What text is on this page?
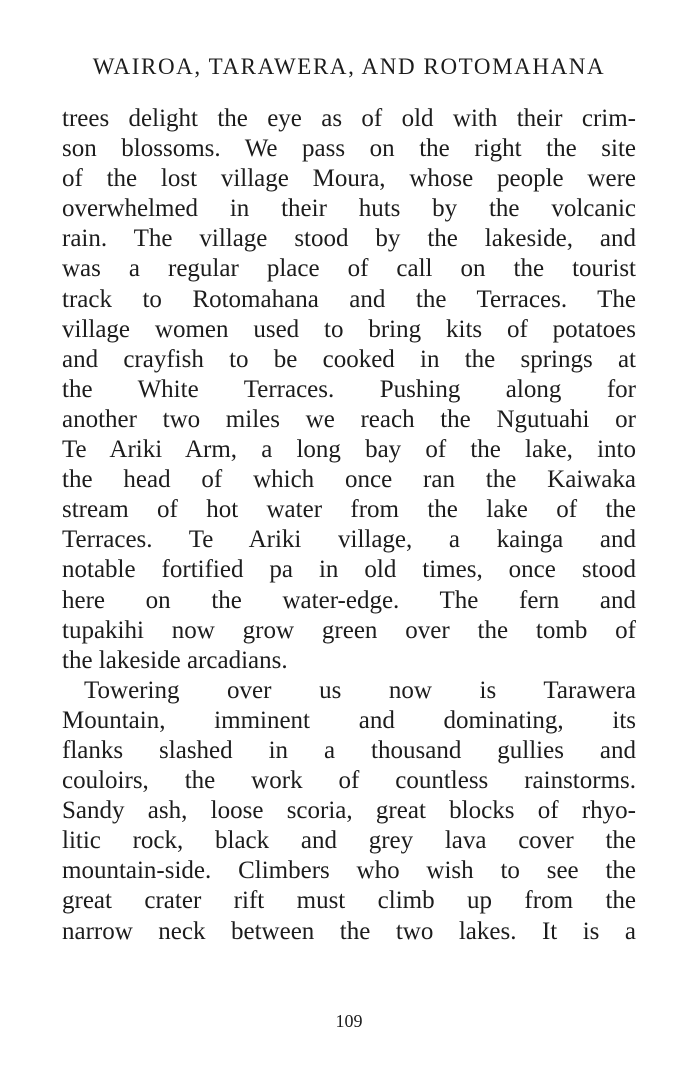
WAIROA, TARAWERA, AND ROTOMAHANA
trees delight the eye as of old with their crim-
son blossoms. We pass on the right the site
of the lost village Moura, whose people were
overwhelmed in their huts by the volcanic
rain. The village stood by the lakeside, and
was a regular place of call on the tourist
track to Rotomahana and the Terraces. The
village women used to bring kits of potatoes
and crayfish to be cooked in the springs at
the White Terraces. Pushing along for
another two miles we reach the Ngutuahi or
Te Ariki Arm, a long bay of the lake, into
the head of which once ran the Kaiwaka
stream of hot water from the lake of the
Terraces. Te Ariki village, a kainga and
notable fortified pa in old times, once stood
here on the water-edge. The fern and
tupakihi now grow green over the tomb of
the lakeside arcadians.
Towering over us now is Tarawera
Mountain, imminent and dominating, its
flanks slashed in a thousand gullies and
couloirs, the work of countless rainstorms.
Sandy ash, loose scoria, great blocks of rhyo-
litic rock, black and grey lava cover the
mountain-side. Climbers who wish to see the
great crater rift must climb up from the
narrow neck between the two lakes. It is a
109
